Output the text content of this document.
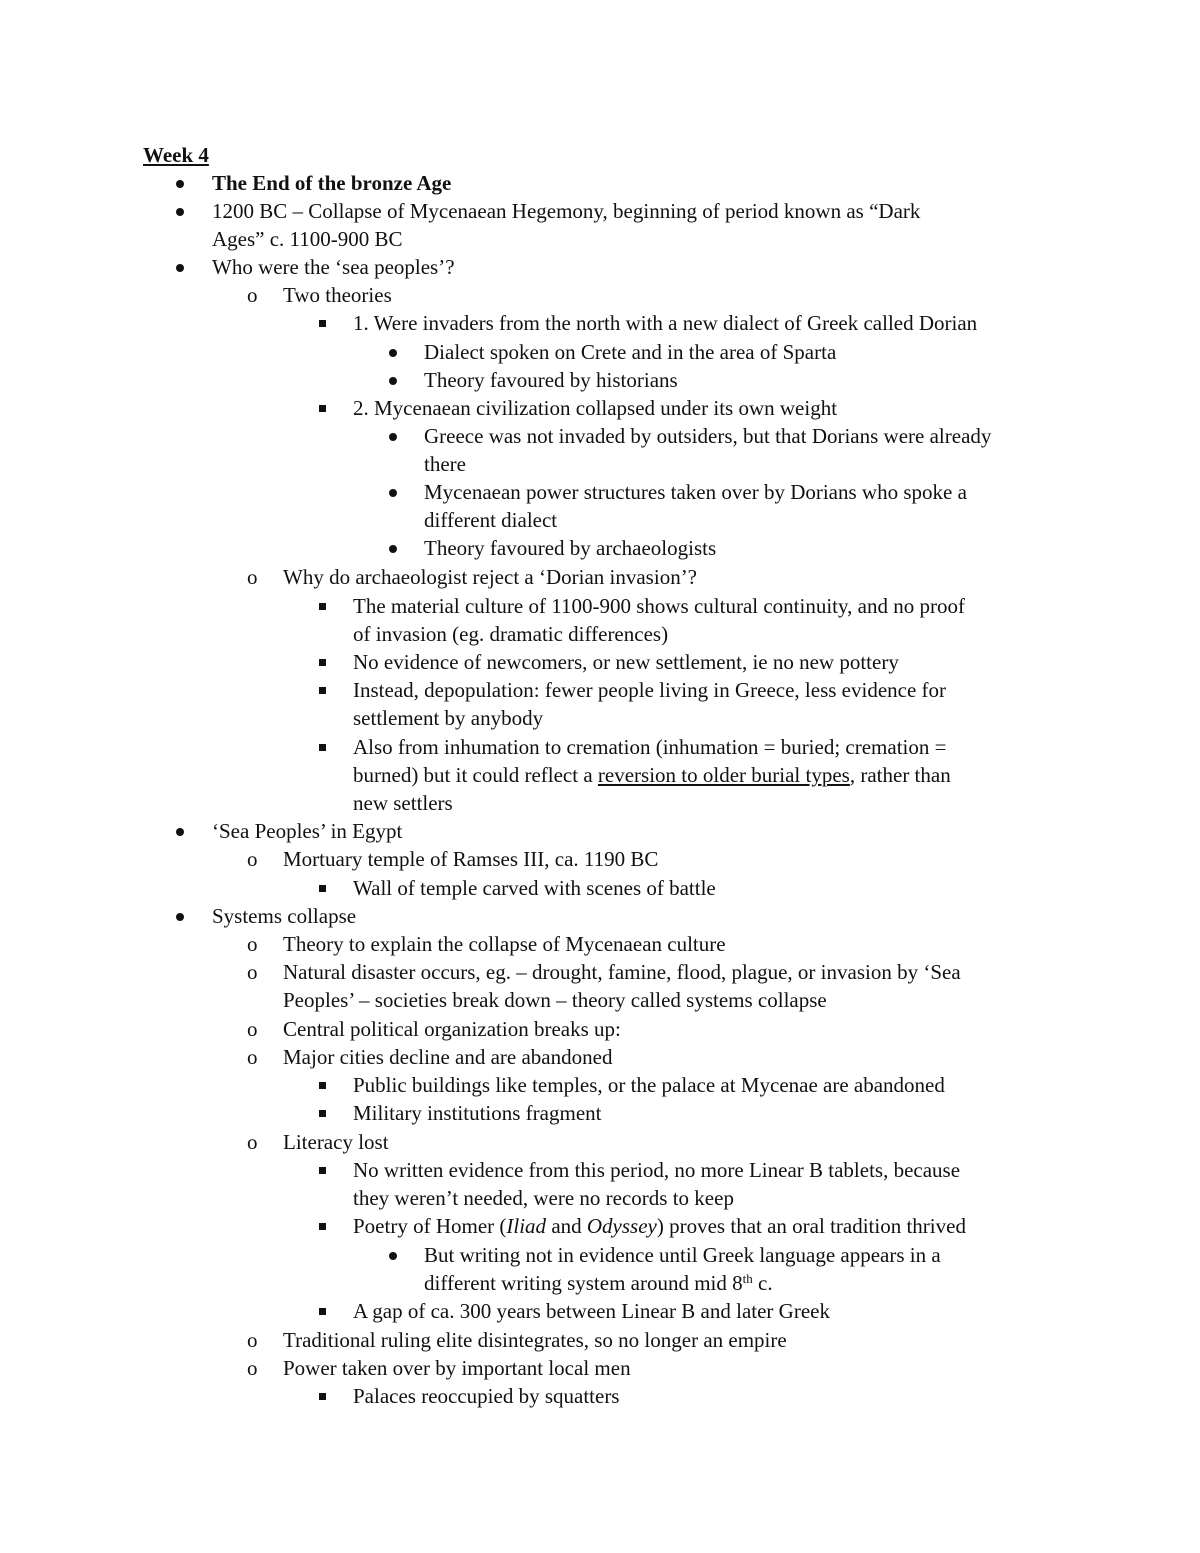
Week 4
The End of the bronze Age
1200 BC – Collapse of Mycenaean Hegemony, beginning of period known as “Dark
Ages” c. 1100-900 BC
Who were the ‘sea peoples’?
o Two theories
1. Were invaders from the north with a new dialect of Greek called Dorian
Dialect spoken on Crete and in the area of Sparta
Theory favoured by historians
2. Mycenaean civilization collapsed under its own weight
Greece was not invaded by outsiders, but that Dorians were already
there
Mycenaean power structures taken over by Dorians who spoke a
different dialect
Theory favoured by archaeologists
o Why do archaeologist reject a ‘Dorian invasion’?
The material culture of 1100-900 shows cultural continuity, and no proof
of invasion (eg. dramatic differences)
No evidence of newcomers, or new settlement, ie no new pottery
Instead, depopulation: fewer people living in Greece, less evidence for
settlement by anybody
Also from inhumation to cremation (inhumation = buried; cremation =
burned) but it could reflect a reversion to older burial types, rather than
new settlers
‘Sea Peoples’ in Egypt
o Mortuary temple of Ramses III, ca. 1190 BC
Wall of temple carved with scenes of battle
Systems collapse
o Theory to explain the collapse of Mycenaean culture
o Natural disaster occurs, eg. – drought, famine, flood, plague, or invasion by ‘Sea
Peoples’ – societies break down – theory called systems collapse
o Central political organization breaks up:
o Major cities decline and are abandoned
Public buildings like temples, or the palace at Mycenae are abandoned
Military institutions fragment
o Literacy lost
No written evidence from this period, no more Linear B tablets, because
they weren’t needed, were no records to keep
Poetry of Homer (Iliad and Odyssey) proves that an oral tradition thrived
But writing not in evidence until Greek language appears in a
different writing system around mid 8th c.
A gap of ca. 300 years between Linear B and later Greek
o Traditional ruling elite disintegrates, so no longer an empire
o Power taken over by important local men
Palaces reoccupied by squatters
